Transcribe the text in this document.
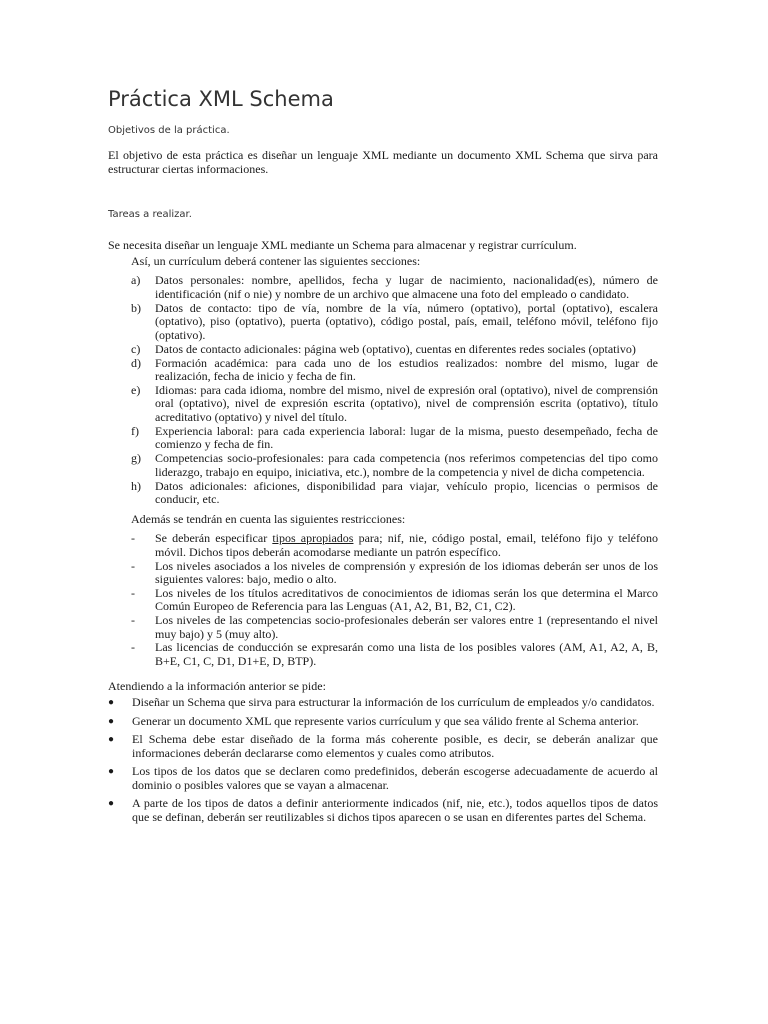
Práctica XML Schema

Objetivos de la práctica.

El objetivo de esta práctica es diseñar un lenguaje XML mediante un documento XML Schema que sirva para estructurar ciertas informaciones.

Tareas a realizar.

Se necesita diseñar un lenguaje XML mediante un Schema para almacenar y registrar currículum.

Así, un currículum deberá contener las siguientes secciones:

a) Datos personales: nombre, apellidos, fecha y lugar de nacimiento, nacionalidad(es), número de identificación (nif o nie) y nombre de un archivo que almacene una foto del empleado o candidato.
b) Datos de contacto: tipo de vía, nombre de la vía, número (optativo), portal (optativo), escalera (optativo), piso (optativo), puerta (optativo), código postal, país, email, teléfono móvil, teléfono fijo (optativo).
c) Datos de contacto adicionales: página web (optativo), cuentas en diferentes redes sociales (optativo)
d) Formación académica: para cada uno de los estudios realizados: nombre del mismo, lugar de realización, fecha de inicio y fecha de fin.
e) Idiomas: para cada idioma, nombre del mismo, nivel de expresión oral (optativo), nivel de comprensión oral (optativo), nivel de expresión escrita (optativo), nivel de comprensión escrita (optativo), título acreditativo (optativo) y nivel del título.
f) Experiencia laboral: para cada experiencia laboral: lugar de la misma, puesto desempeñado, fecha de comienzo y fecha de fin.
g) Competencias socio-profesionales: para cada competencia (nos referimos competencias del tipo como liderazgo, trabajo en equipo, iniciativa, etc.), nombre de la competencia y nivel de dicha competencia.
h) Datos adicionales: aficiones, disponibilidad para viajar, vehículo propio, licencias o permisos de conducir, etc.

Además se tendrán en cuenta las siguientes restricciones:

- Se deberán especificar tipos apropiados para; nif, nie, código postal, email, teléfono fijo y teléfono móvil. Dichos tipos deberán acomodarse mediante un patrón específico.
- Los niveles asociados a los niveles de comprensión y expresión de los idiomas deberán ser unos de los siguientes valores: bajo, medio o alto.
- Los niveles de los títulos acreditativos de conocimientos de idiomas serán los que determina el Marco Común Europeo de Referencia para las Lenguas (A1, A2, B1, B2, C1, C2).
- Los niveles de las competencias socio-profesionales deberán ser valores entre 1 (representando el nivel muy bajo) y 5 (muy alto).
- Las licencias de conducción se expresarán como una lista de los posibles valores (AM, A1, A2, A, B, B+E, C1, C, D1, D1+E, D, BTP).

Atendiendo a la información anterior se pide:

● Diseñar un Schema que sirva para estructurar la información de los currículum de empleados y/o candidatos.
● Generar un documento XML que represente varios currículum y que sea válido frente al Schema anterior.
● El Schema debe estar diseñado de la forma más coherente posible, es decir, se deberán analizar que informaciones deberán declararse como elementos y cuales como atributos.
● Los tipos de los datos que se declaren como predefinidos, deberán escogerse adecuadamente de acuerdo al dominio o posibles valores que se vayan a almacenar.
● A parte de los tipos de datos a definir anteriormente indicados (nif, nie, etc.), todos aquellos tipos de datos que se definan, deberán ser reutilizables si dichos tipos aparecen o se usan en diferentes partes del Schema.
